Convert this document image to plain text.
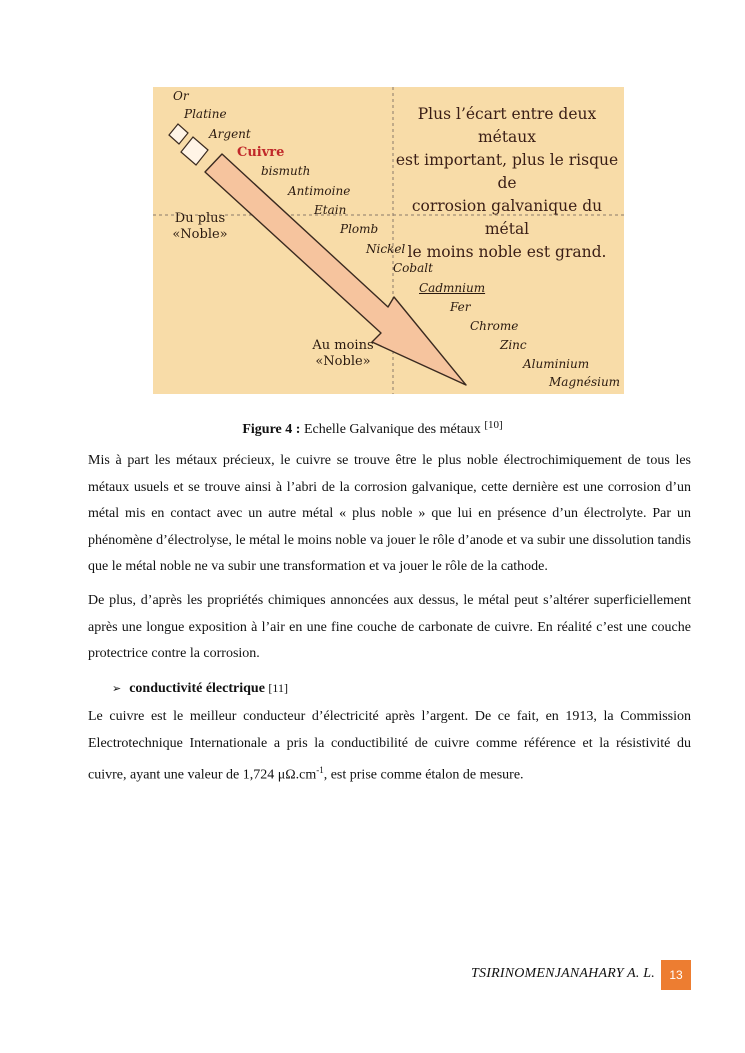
Or
Platine
Argent
Cuivre
bismuth
Antimoine
Etain
Plomb
Nickel
Cobalt
Cadmnium
Fer
Chrome
Zinc
Aluminium
Magnésium
Plus l’écart entre deux métaux
est important, plus le risque de
corrosion galvanique du métal
le moins noble est grand.
Du plus
«Noble»
Au moins
«Noble»
Figure 4 : Echelle Galvanique des métaux [10]

Mis à part les métaux précieux, le cuivre se trouve être le plus noble électrochimiquement de tous les métaux usuels et se trouve ainsi à l’abri de la corrosion galvanique, cette dernière est une corrosion d’un métal mis en contact avec un autre métal « plus noble » que lui en présence d’un électrolyte. Par un phénomène d’électrolyse, le métal le moins noble va jouer le rôle d’anode et va subir une dissolution tandis que le métal noble ne va subir une transformation et va jouer le rôle de la cathode.

De plus, d’après les propriétés chimiques annoncées aux dessus, le métal peut s’altérer superficiellement après une longue exposition à l’air en une fine couche de carbonate de cuivre. En réalité c’est une couche protectrice contre la corrosion.

➢ conductivité électrique [11]

Le cuivre est le meilleur conducteur d’électricité après l’argent. De ce fait, en 1913, la Commission Electrotechnique Internationale a pris la conductibilité de cuivre comme référence et la résistivité du cuivre, ayant une valeur de 1,724 $\mu\Omega.cm^{-1}$, est prise comme étalon de mesure.

TSIRINOMENJANAHARY A. L.	13
